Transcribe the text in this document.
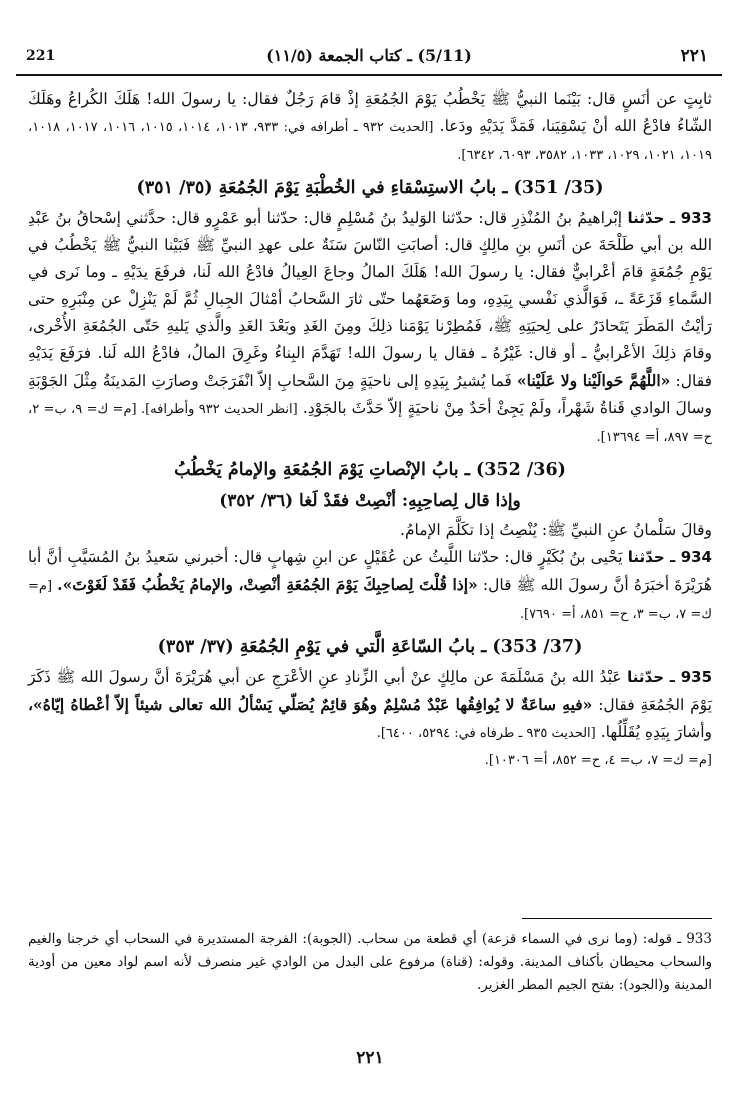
221	(5/11) ـ كتاب الجمعة (١١/٥)	٢٢١

ثابِتٍ عن أنَسٍ قال: بَيْنَما النبيُّ ﷺ يَخْطُبُ يَوْمَ الجُمُعَةِ إذْ قامَ رَجُلٌ فقال: يا رسولَ الله! هَلَكَ الكُراعُ وهَلَكَ الشّاءُ فادْعُ الله أنْ يَسْقِيَنا، فَمَدَّ يَدَيْهِ ودَعا. [الحديث ٩٣٢ ـ أطرافه في: ٩٣٣، ١٠١٣، ١٠١٤، ١٠١٥، ١٠١٦، ١٠١٧، ١٠١٨، ١٠١٩، ١٠٢١، ١٠٢٩، ١٠٣٣، ٣٥٨٢، ٦٠٩٣، ٦٣٤٢].

(35/ 351) ـ بابُ الاستِسْقاءِ في الخُطْبَةِ يَوْمَ الجُمُعَةِ (٣٥/ ٣٥١)

933 ـ حدّثنا إبْراهيمُ بنُ المُنْذِرِ قال: حدّثنا الوَليدُ بنُ مُسْلِمٍ قال: حدّثنا أبو عَمْرٍو قال: حدَّثني إسْحاقُ بنُ عَبْدِ الله بن أبي طَلْحَةَ عن أنَسِ بنِ مالِكٍ قال: أصابَتِ النّاسَ سَنَةٌ على عهدِ النبيِّ ﷺ فَبَيْنا النبيُّ ﷺ يَخْطُبُ في يَوْمِ جُمُعَةٍ قامَ أعْرابيٌّ فقال: يا رسولَ الله! هَلَكَ المالُ وجاعَ العِيالُ فادْعُ الله لَنا، فرفَعَ يدَيْهِ ـ وما نَرى في السَّماءِ قَزَعَةً ـ، فَوَالَّذي نَفْسي بِيَدِهِ، وما وَضَعَهُما حتّى ثارَ السَّحابُ أمْثالَ الجِبالِ ثُمَّ لَمْ يَنْزِلْ عن مِنْبَرِهِ حتى رَأيْتُ المَطَرَ يَتَحادَرُ على لِحيَتِهِ ﷺ، فَمُطِرْنا يَوْمَنا ذلِكَ ومِنَ الغَدِ وبَعْدَ الغَدِ والَّذي يَليهِ حَتّى الجُمُعَةِ الأُخْرى، وقامَ ذلِكَ الأعْرابيُّ ـ أو قال: غَيْرُهُ ـ فقال يا رسولَ الله! تَهَدَّمَ البِناءُ وغَرِقَ المالُ، فادْعُ الله لَنا. فرَفَعَ يَدَيْهِ فقال: «اللَّهُمَّ حَوالَيْنا ولا عَلَيْنا» فَما يُشيرُ بِيَدِهِ إلى ناحيَةٍ مِنَ السَّحابِ إلاّ انْفَرَجَتْ وصارَتِ المَدينَةُ مِثْلَ الجَوْبَةِ وسالَ الوادي قَناةُ شَهْراً، ولَمْ يَجِئْ أحَدٌ مِنْ ناحيَةٍ إلاّ حَدَّثَ بالجَوْدِ. [انظر الحديث ٩٣٢ وأطرافه]. [م= ك= ٩، ب= ٢، ح= ٨٩٧، أ= ١٣٦٩٤].

(36/ 352) ـ بابُ الإنْصاتِ يَوْمَ الجُمُعَةِ والإمامُ يَخْطُبُ
وإذا قال لِصاحِبِهِ: أنْصِتْ فقَدْ لَغا (٣٦/ ٣٥٢)

وقالَ سَلْمانُ عنِ النبيِّ ﷺ: يُنْصِتُ إذا تكَلَّمَ الإمامُ.

934 ـ حدّثنا يَحْيى بنُ بُكَيْرٍ قال: حدّثنا اللَّيثُ عن عُقَيْلٍ عن ابنِ شِهابٍ قال: أخبرني سَعيدُ بنُ المُسَيَّبِ أنَّ أبا هُرَيْرَةَ أخبَرَهُ أنَّ رسولَ الله ﷺ قال: «إذا قُلْتَ لِصاحِبِكَ يَوْمَ الجُمُعَةِ أنْصِتْ، والإمامُ يَخْطُبُ فَقَدْ لَغَوْتَ». [م= ك= ٧، ب= ٣، ح= ٨٥١، أ= ٧٦٩٠].

(37/ 353) ـ بابُ السّاعَةِ الَّتي في يَوْمِ الجُمُعَةِ (٣٧/ ٣٥٣)

935 ـ حدّثنا عَبْدُ الله بنُ مَسْلَمَةَ عن مالِكٍ عنْ أبي الزِّنادِ عنِ الأعْرَجِ عن أبي هُرَيْرَةَ أنَّ رسولَ الله ﷺ ذَكَرَ يَوْمَ الجُمُعَةِ فقال: «فيهِ ساعَةٌ لا يُوافِقُها عَبْدٌ مُسْلِمٌ وهُوَ قائِمٌ يُصَلّي يَسْألُ الله تعالى شيئاً إلاّ أعْطاهُ إيّاهُ»، وأشارَ بِيَدِهِ يُقَلِّلُها. [الحديث ٩٣٥ ـ طرفاه في: ٥٢٩٤، ٦٤٠٠].

[م= ك= ٧، ب= ٤، ح= ٨٥٢، أ= ١٠٣٠٦].

933 ـ قوله: (وما نرى في السماء قزعة) أي قطعة من سحاب. (الجوبة): الفرجة المستديرة في السحاب أي خرجنا والغيم والسحاب محيطان بأكناف المدينة. وقوله: (قناة) مرفوع على البدل من الوادي غير منصرف لأنه اسم لواد معين من أودية المدينة و(الجود): بفتح الجيم المطر الغزير.
٢٢١
